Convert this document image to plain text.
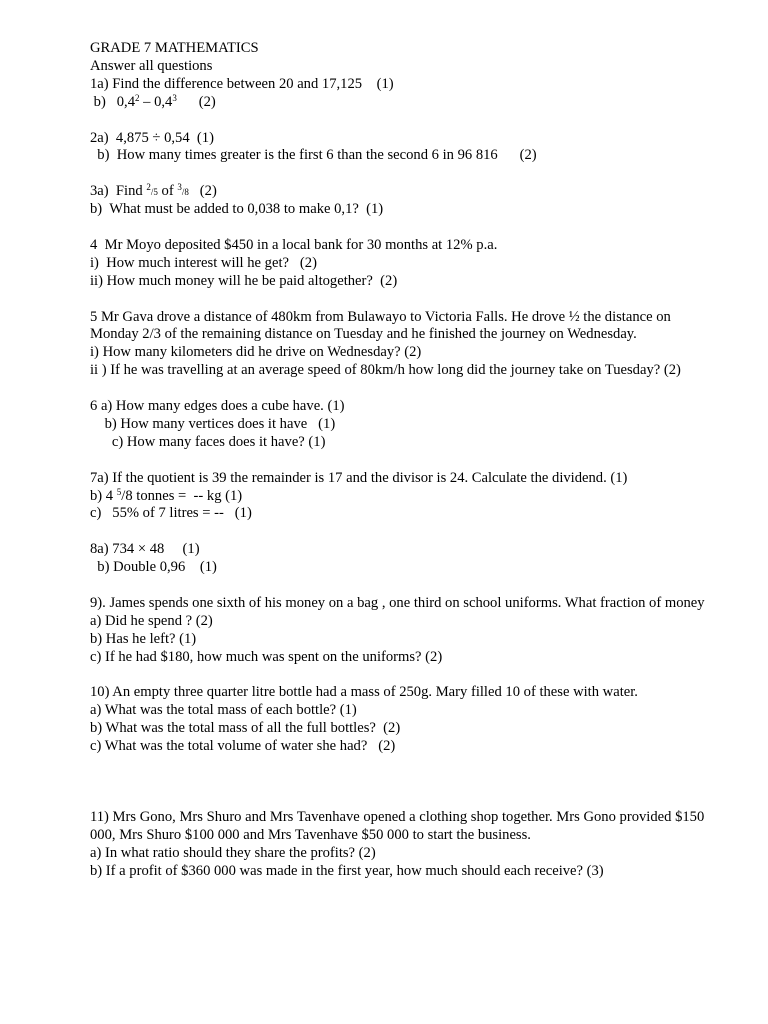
GRADE 7 MATHEMATICS

Answer all questions

1a) Find the difference between 20 and 17,125    (1)

b)   $0,4^2 - 0,4^3$      (2)

2a)  4,875 ÷ 0,54  (1)

b)  How many times greater is the first 6 than the second 6 in 96 816      (2)

3a)  Find $^2$/5 of $^3$/8   (2)

b)  What must be added to 0,038 to make 0,1?  (1)

4  Mr Moyo deposited $450 in a local bank for 30 months at 12% p.a.

i)  How much interest will he get?   (2)

ii) How much money will he be paid altogether?  (2)

5 Mr Gava drove a distance of 480km from Bulawayo to Victoria Falls. He drove ½ the distance on Monday 2/3 of the remaining distance on Tuesday and he finished the journey on Wednesday.

i) How many kilometers did he drive on Wednesday? (2)

ii ) If he was travelling at an average speed of 80km/h how long did the journey take on Tuesday? (2)

6 a) How many edges does a cube have. (1)

b) How many vertices does it have   (1)

c) How many faces does it have? (1)

7a) If the quotient is 39 the remainder is 17 and the divisor is 24. Calculate the dividend. (1)

b) 4 $^5$/8 tonnes =  -- kg (1)

c)   55% of 7 litres = --   (1)

8a) 734 × 48     (1)

b) Double 0,96    (1)

9). James spends one sixth of his money on a bag , one third on school uniforms. What fraction of money

a) Did he spend ? (2)

b) Has he left? (1)

c) If he had $180, how much was spent on the uniforms? (2)

10) An empty three quarter litre bottle had a mass of 250g. Mary filled 10 of these with water.

a) What was the total mass of each bottle? (1)

b) What was the total mass of all the full bottles?  (2)

c) What was the total volume of water she had?   (2)

11) Mrs Gono, Mrs Shuro and Mrs Tavenhave opened a clothing shop together. Mrs Gono provided $150 000, Mrs Shuro $100 000 and Mrs Tavenhave $50 000 to start the business.

a) In what ratio should they share the profits? (2)

b) If a profit of $360 000 was made in the first year, how much should each receive? (3)
